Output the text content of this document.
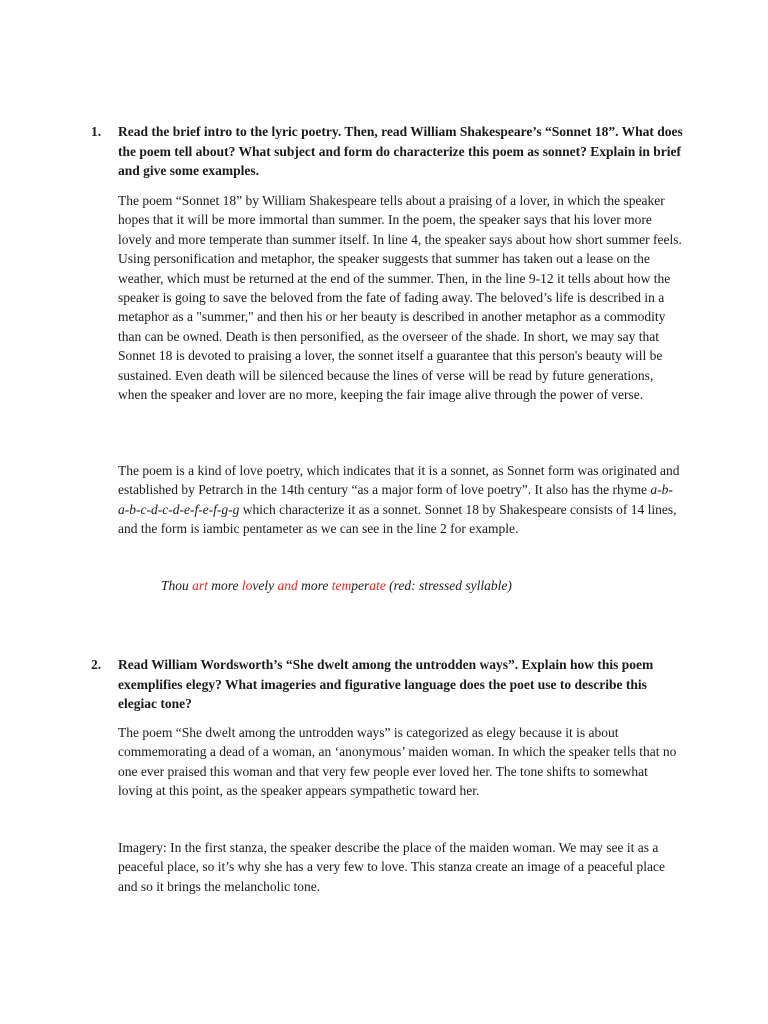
1. Read the brief intro to the lyric poetry. Then, read William Shakespeare’s “Sonnet 18”. What does the poem tell about? What subject and form do characterize this poem as sonnet? Explain in brief and give some examples.

The poem “Sonnet 18” by William Shakespeare tells about a praising of a lover, in which the speaker hopes that it will be more immortal than summer. In the poem, the speaker says that his lover more lovely and more temperate than summer itself. In line 4, the speaker says about how short summer feels. Using personification and metaphor, the speaker suggests that summer has taken out a lease on the weather, which must be returned at the end of the summer. Then, in the line 9-12 it tells about how the speaker is going to save the beloved from the fate of fading away. The beloved’s life is described in a metaphor as a "summer," and then his or her beauty is described in another metaphor as a commodity than can be owned. Death is then personified, as the overseer of the shade. In short, we may say that Sonnet 18 is devoted to praising a lover, the sonnet itself a guarantee that this person's beauty will be sustained. Even death will be silenced because the lines of verse will be read by future generations, when the speaker and lover are no more, keeping the fair image alive through the power of verse.

The poem is a kind of love poetry, which indicates that it is a sonnet, as Sonnet form was originated and established by Petrarch in the 14th century “as a major form of love poetry”. It also has the rhyme a-b-a-b-c-d-c-d-e-f-e-f-g-g which characterize it as a sonnet. Sonnet 18 by Shakespeare consists of 14 lines, and the form is iambic pentameter as we can see in the line 2 for example.

Thou art more lovely and more temperate (red: stressed syllable)
2. Read William Wordsworth’s “She dwelt among the untrodden ways”. Explain how this poem exemplifies elegy? What imageries and figurative language does the poet use to describe this elegiac tone?

The poem “She dwelt among the untrodden ways” is categorized as elegy because it is about commemorating a dead of a woman, an ‘anonymous’ maiden woman. In which the speaker tells that no one ever praised this woman and that very few people ever loved her. The tone shifts to somewhat loving at this point, as the speaker appears sympathetic toward her.

Imagery: In the first stanza, the speaker describe the place of the maiden woman. We may see it as a peaceful place, so it’s why she has a very few to love. This stanza create an image of a peaceful place and so it brings the melancholic tone.
